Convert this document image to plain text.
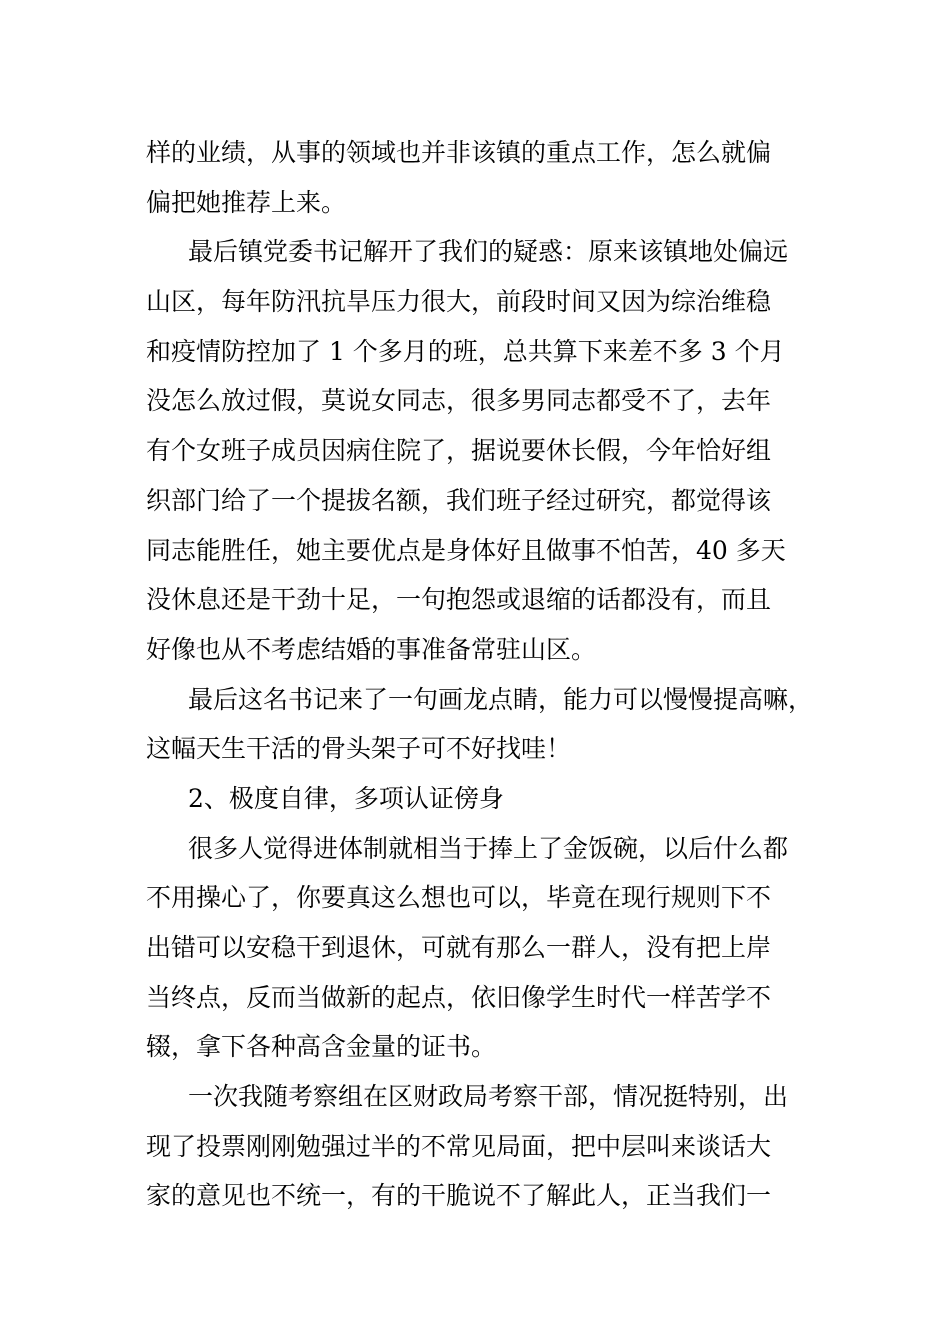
样的业绩，从事的领域也并非该镇的重点工作，怎么就偏
偏把她推荐上来。
最后镇党委书记解开了我们的疑惑：原来该镇地处偏远
山区，每年防汛抗旱压力很大，前段时间又因为综治维稳
和疫情防控加了 1 个多月的班，总共算下来差不多 3 个月
没怎么放过假，莫说女同志，很多男同志都受不了，去年
有个女班子成员因病住院了，据说要休长假，今年恰好组
织部门给了一个提拔名额，我们班子经过研究，都觉得该
同志能胜任，她主要优点是身体好且做事不怕苦，40 多天
没休息还是干劲十足，一句抱怨或退缩的话都没有，而且
好像也从不考虑结婚的事准备常驻山区。
最后这名书记来了一句画龙点睛，能力可以慢慢提高嘛，
这幅天生干活的骨头架子可不好找哇！
2、极度自律，多项认证傍身
很多人觉得进体制就相当于捧上了金饭碗，以后什么都
不用操心了，你要真这么想也可以，毕竟在现行规则下不
出错可以安稳干到退休，可就有那么一群人，没有把上岸
当终点，反而当做新的起点，依旧像学生时代一样苦学不
辍，拿下各种高含金量的证书。
一次我随考察组在区财政局考察干部，情况挺特别，出
现了投票刚刚勉强过半的不常见局面，把中层叫来谈话大
家的意见也不统一，有的干脆说不了解此人，正当我们一
